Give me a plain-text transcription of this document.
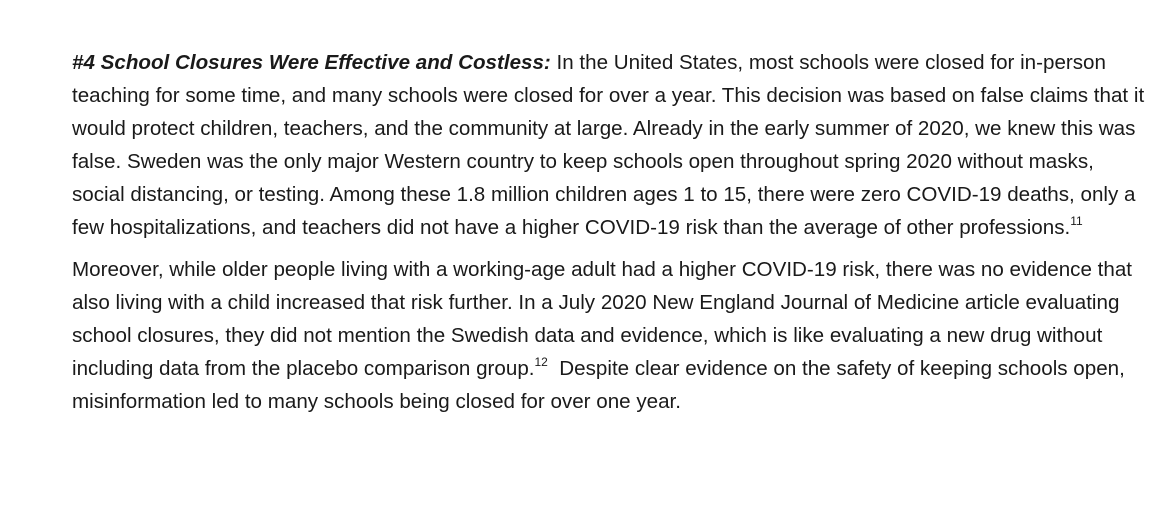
#4 School Closures Were Effective and Costless: In the United States, most schools were closed for in-person teaching for some time, and many schools were closed for over a year. This decision was based on false claims that it would protect children, teachers, and the community at large. Already in the early summer of 2020, we knew this was false. Sweden was the only major Western country to keep schools open throughout spring 2020 without masks, social distancing, or testing. Among these 1.8 million children ages 1 to 15, there were zero COVID-19 deaths, only a few hospitalizations, and teachers did not have a higher COVID-19 risk than the average of other professions.$^{11}$

Moreover, while older people living with a working-age adult had a higher COVID-19 risk, there was no evidence that also living with a child increased that risk further. In a July 2020 New England Journal of Medicine article evaluating school closures, they did not mention the Swedish data and evidence, which is like evaluating a new drug without including data from the placebo comparison group.$^{12}$  Despite clear evidence on the safety of keeping schools open, misinformation led to many schools being closed for over one year.
